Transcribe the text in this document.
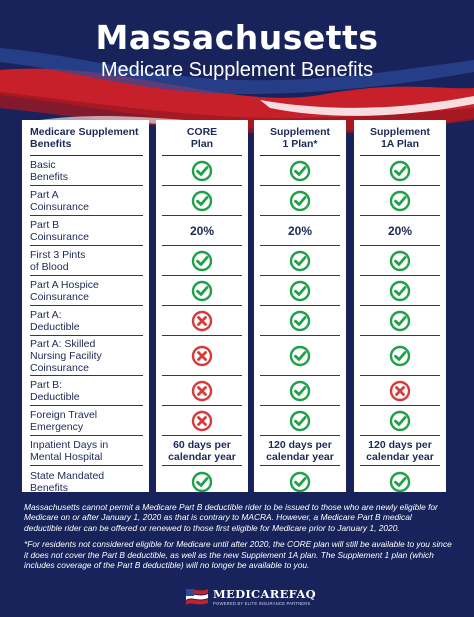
Massachusetts
Medicare Supplement Benefits
Medicare Supplement
Benefits
Basic
Benefits
Part A
Coinsurance
Part B
Coinsurance
First 3 Pints
of Blood
Part A Hospice
Coinsurance
Part A:
Deductible
Part A: Skilled
Nursing Facility
Coinsurance
Part B:
Deductible
Foreign Travel
Emergency
Inpatient Days in
Mental Hospital
State Mandated
Benefits
CORE
Plan
20%
60 days per
calendar year
Supplement
1 Plan*
20%
120 days per
calendar year
Supplement
1A Plan
20%
120 days per
calendar year

Massachusetts cannot permit a Medicare Part B deductible rider to be issued to those who are newly eligible for Medicare on or after January 1, 2020 as that is contrary to MACRA. However, a Medicare Part B medical deductible rider can be offered or renewed to those first eligible for Medicare prior to January 1, 2020.

*For residents not considered eligible for Medicare until after 2020, the CORE plan will still be available to you since it does not cover the Part B deductible, as well as the new Supplement 1A plan. The Supplement 1 plan (which includes coverage of the Part B deductible) will no longer be available to you.

MEDICAREFAQ
POWERED BY ELITE INSURANCE PARTNERS
